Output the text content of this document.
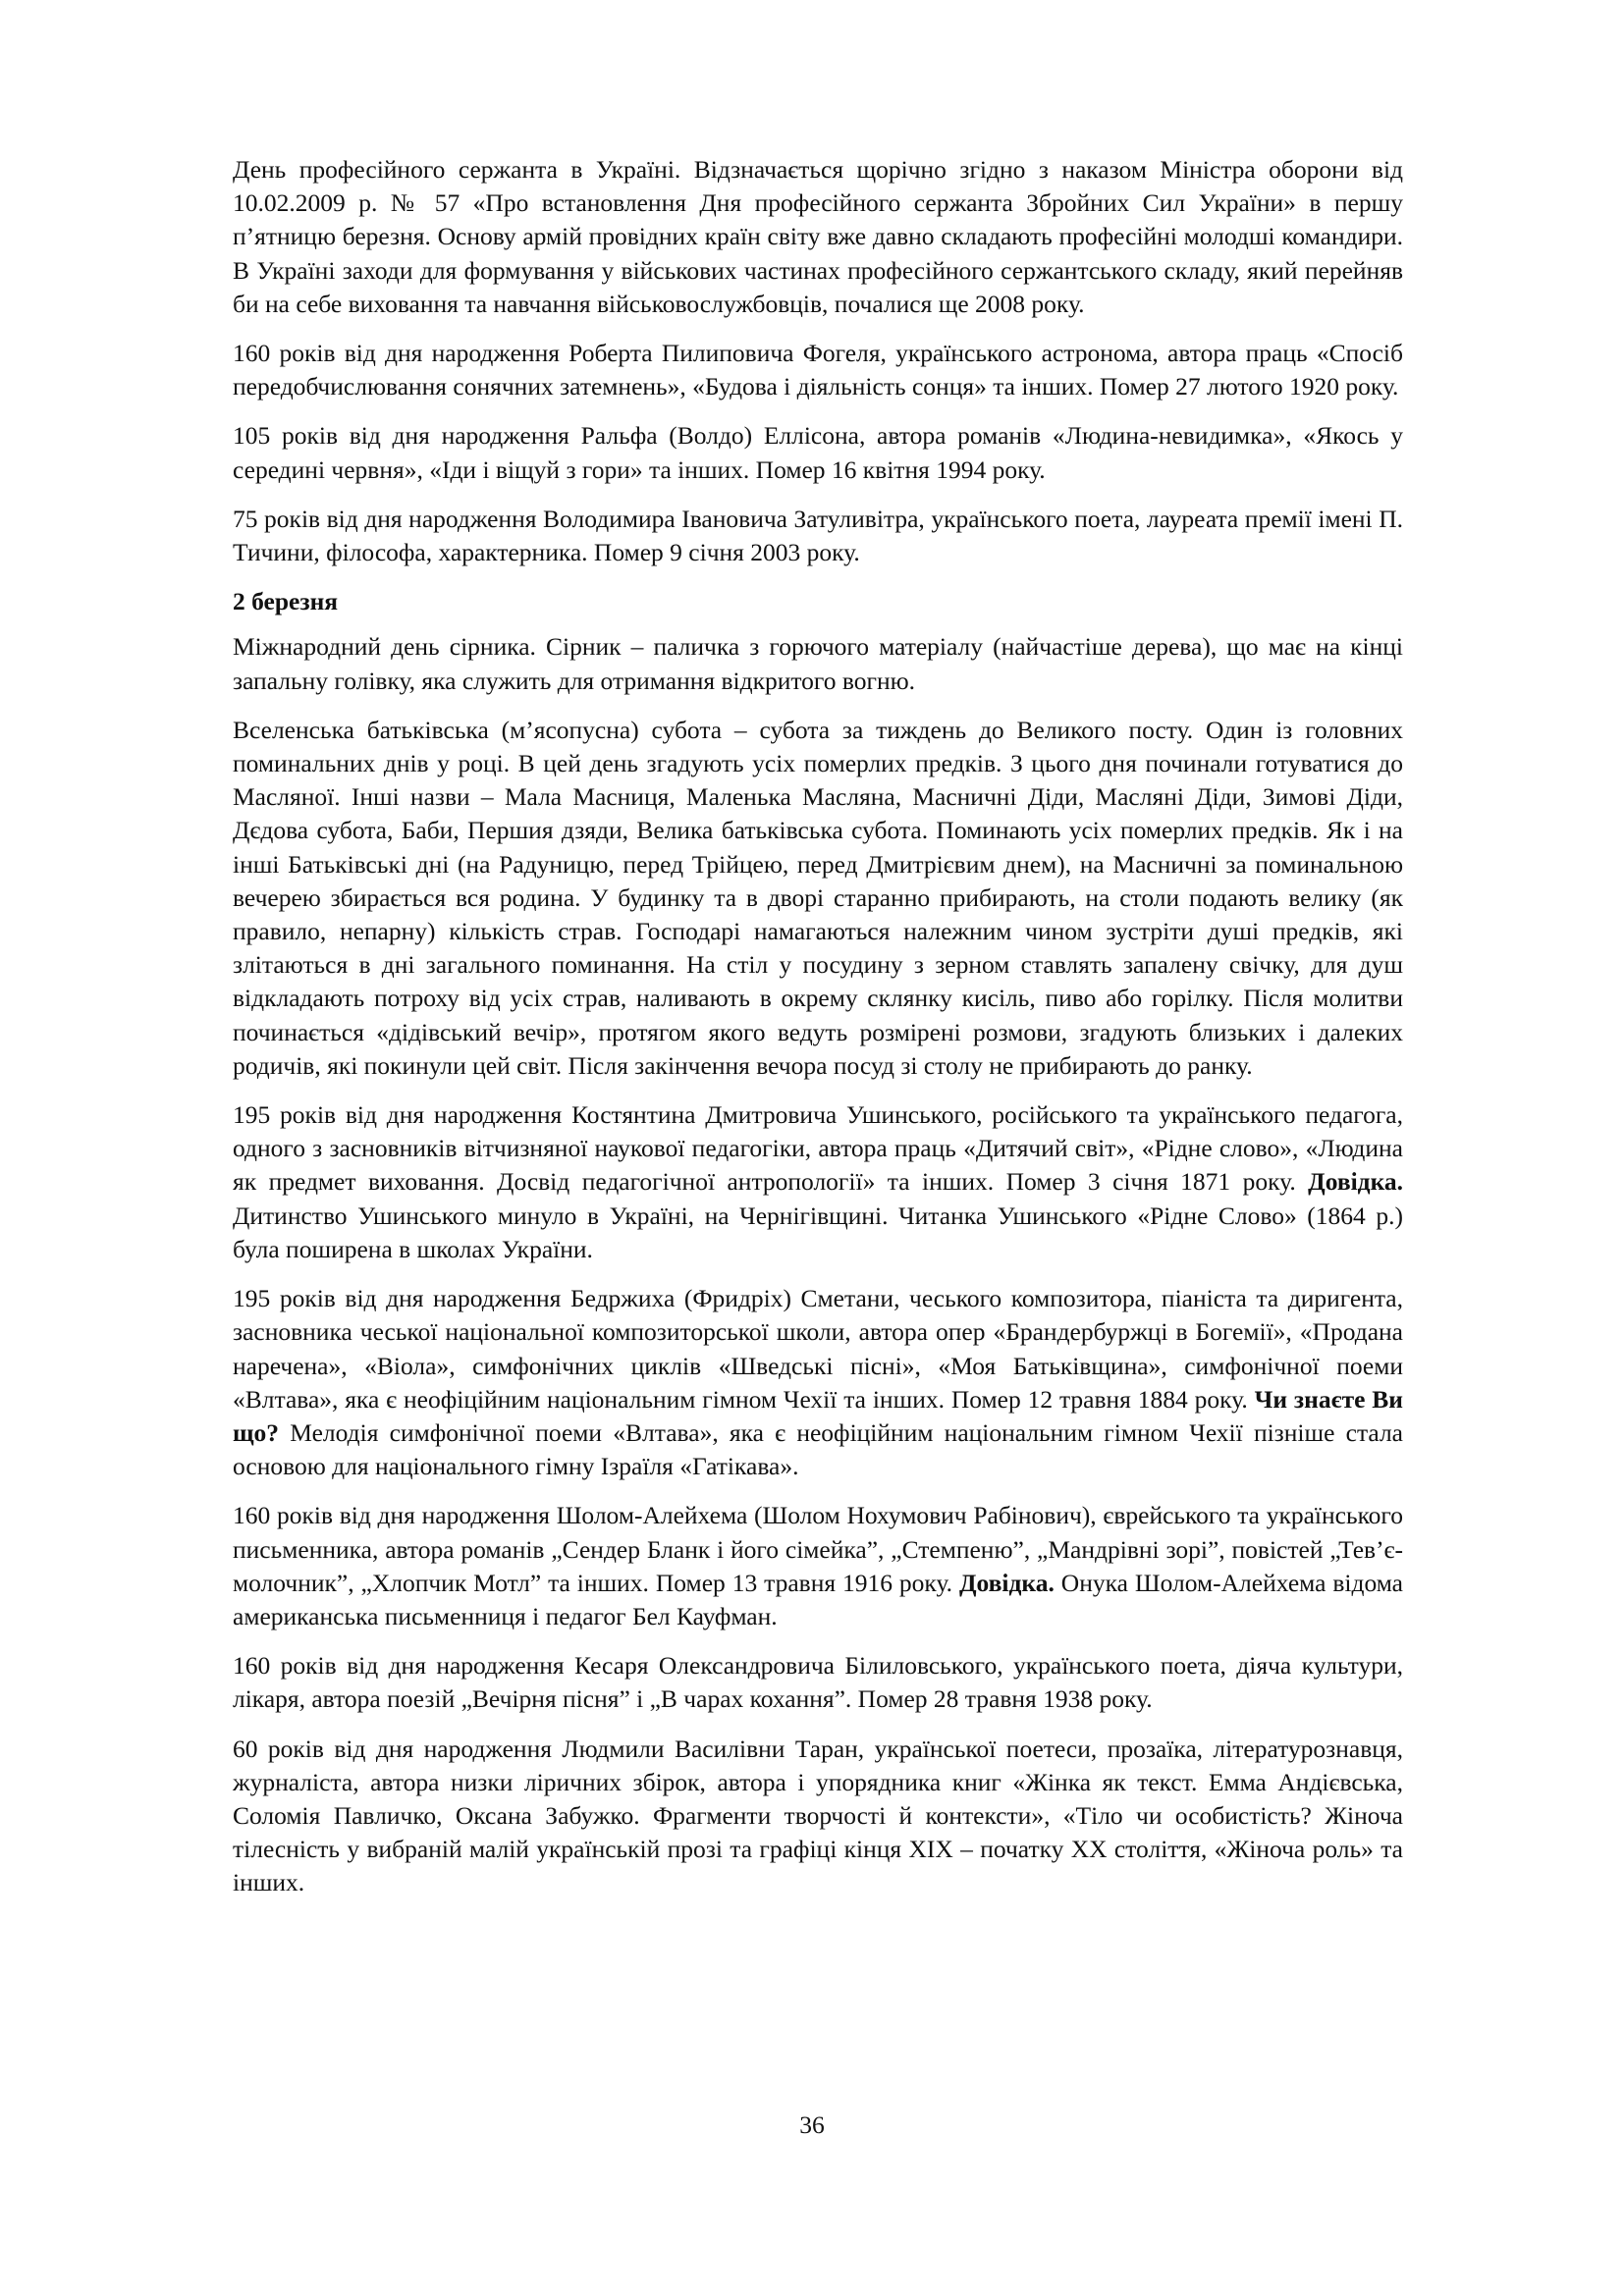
День професійного сержанта в Україні. Відзначається щорічно згідно з наказом Міністра оборони від 10.02.2009 р. № 57 «Про встановлення Дня професійного сержанта Збройних Сил України» в першу п’ятницю березня. Основу армій провідних країн світу вже давно складають професійні молодші командири. В Україні заходи для формування у військових частинах професійного сержантського складу, який перейняв би на себе виховання та навчання військовослужбовців, почалися ще 2008 року.

160 років від дня народження Роберта Пилиповича Фогеля, українського астронома, автора праць «Спосіб передобчислювання сонячних затемнень», «Будова і діяльність сонця» та інших. Помер 27 лютого 1920 року.

105 років від дня народження Ральфа (Волдо) Еллісона, автора романів «Людина-невидимка», «Якось у середині червня», «Іди і віщуй з гори» та інших. Помер 16 квітня 1994 року.

75 років від дня народження Володимира Івановича Затуливітра, українського поета, лауреата премії імені П. Тичини, філософа, характерника. Помер 9 січня 2003 року.

2 березня

Міжнародний день сірника. Сірник – паличка з горючого матеріалу (найчастіше дерева), що має на кінці запальну голівку, яка служить для отримання відкритого вогню.

Вселенська батьківська (м’ясопусна) субота – субота за тиждень до Великого посту. Один із головних поминальних днів у році. В цей день згадують усіх померлих предків. З цього дня починали готуватися до Масляної. Інші назви – Мала Масниця, Маленька Масляна, Масничні Діди, Масляні Діди, Зимові Діди, Дєдова субота, Баби, Першия дзяди, Велика батьківська субота. Поминають усіх померлих предків. Як і на інші Батьківські дні (на Радуницю, перед Трійцею, перед Дмитрієвим днем), на Масничні за поминальною вечерею збирається вся родина. У будинку та в дворі старанно прибирають, на столи подають велику (як правило, непарну) кількість страв. Господарі намагаються належним чином зустріти душі предків, які злітаються в дні загального поминання. На стіл у посудину з зерном ставлять запалену свічку, для душ відкладають потроху від усіх страв, наливають в окрему склянку кисіль, пиво або горілку. Після молитви починається «дідівський вечір», протягом якого ведуть розмірені розмови, згадують близьких і далеких родичів, які покинули цей світ. Після закінчення вечора посуд зі столу не прибирають до ранку.

195 років від дня народження Костянтина Дмитровича Ушинського, російського та українського педагога, одного з засновників вітчизняної наукової педагогіки, автора праць «Дитячий світ», «Рідне слово», «Людина як предмет виховання. Досвід педагогічної антропології» та інших. Помер 3 січня 1871 року. Довідка. Дитинство Ушинського минуло в Україні, на Чернігівщині. Читанка Ушинського «Рідне Слово» (1864 р.) була поширена в школах України.

195 років від дня народження Бедржиха (Фридріх) Сметани, чеського композитора, піаніста та диригента, засновника чеської національної композиторської школи, автора опер «Брандербуржці в Богемії», «Продана наречена», «Віола», симфонічних циклів «Шведські пісні», «Моя Батьківщина», симфонічної поеми «Влтава», яка є неофіційним національним гімном Чехії та інших. Помер 12 травня 1884 року. Чи знаєте Ви що? Мелодія симфонічної поеми «Влтава», яка є неофіційним національним гімном Чехії пізніше стала основою для національного гімну Ізраїля «Гатікава».

160 років від дня народження Шолом-Алейхема (Шолом Нохумович Рабінович), єврейського та українського письменника, автора романів „Сендер Бланк і його сімейка”, „Стемпеню”, „Мандрівні зорі”, повістей „Тев’є-молочник”, „Хлопчик Мотл” та інших. Помер 13 травня 1916 року. Довідка. Онука Шолом-Алейхема відома американська письменниця і педагог Бел Кауфман.

160 років від дня народження Кесаря Олександровича Білиловського, українського поета, діяча культури, лікаря, автора поезій „Вечірня пісня” і „В чарах кохання”. Помер 28 травня 1938 року.

60 років від дня народження Людмили Василівни Таран, української поетеси, прозаїка, літературознавця, журналіста, автора низки ліричних збірок, автора і упорядника книг «Жінка як текст. Емма Андієвська, Соломія Павличко, Оксана Забужко. Фрагменти творчості й контексти», «Тіло чи особистість? Жіноча тілесність у вибраній малій українській прозі та графіці кінця ХІХ – початку ХХ століття, «Жіноча роль» та інших.

36
